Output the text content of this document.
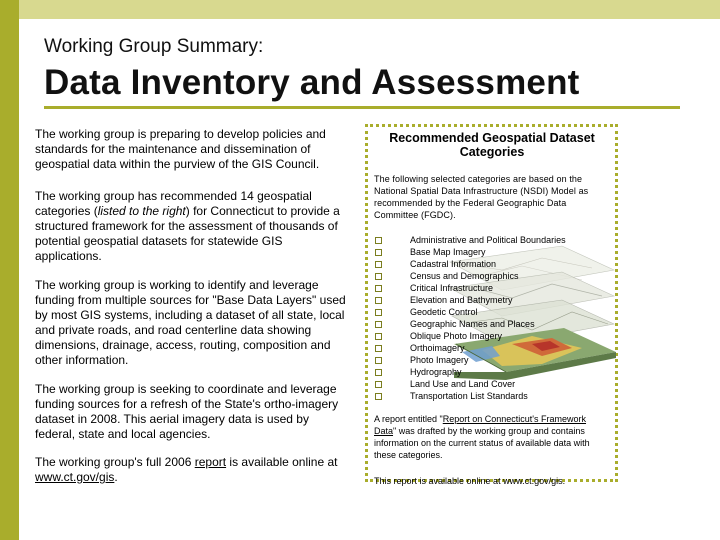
Working Group Summary:
Data Inventory and Assessment

The working group is preparing to develop policies and standards for the maintenance and dissemination of geospatial data within the purview of the GIS Council.

The working group has recommended 14 geospatial categories (listed to the right) for Connecticut to provide a structured framework for the assessment of thousands of potential geospatial datasets for statewide GIS applications.

The working group is working to identify and leverage funding from multiple sources for "Base Data Layers" used by most GIS systems, including a dataset of all state, local and private roads, and road centerline data showing dimensions, drainage, access, routing, composition and other information.

The working group is seeking to coordinate and leverage funding sources for a refresh of the State's ortho-imagery dataset in 2008. This aerial imagery data is used by federal, state and local agencies.

The working group's full 2006 report is available online at www.ct.gov/gis.

Recommended Geospatial Dataset Categories

The following selected categories are based on the National Spatial Data Infrastructure (NSDI) Model as recommended by the Federal Geographic Data Committee (FGDC).

Administrative and Political Boundaries
Base Map Imagery
Cadastral Information
Census and Demographics
Critical Infrastructure
Elevation and Bathymetry
Geodetic Control
Geographic Names and Places
Oblique Photo Imagery
Orthoimagery
Photo Imagery
Hydrography
Land Use and Land Cover
Transportation List Standards

A report entitled "Report on Connecticut's Framework Data" was drafted by the working group and contains information on the current status of available data with these categories.

This report is available online at www.ct.gov/gis.
